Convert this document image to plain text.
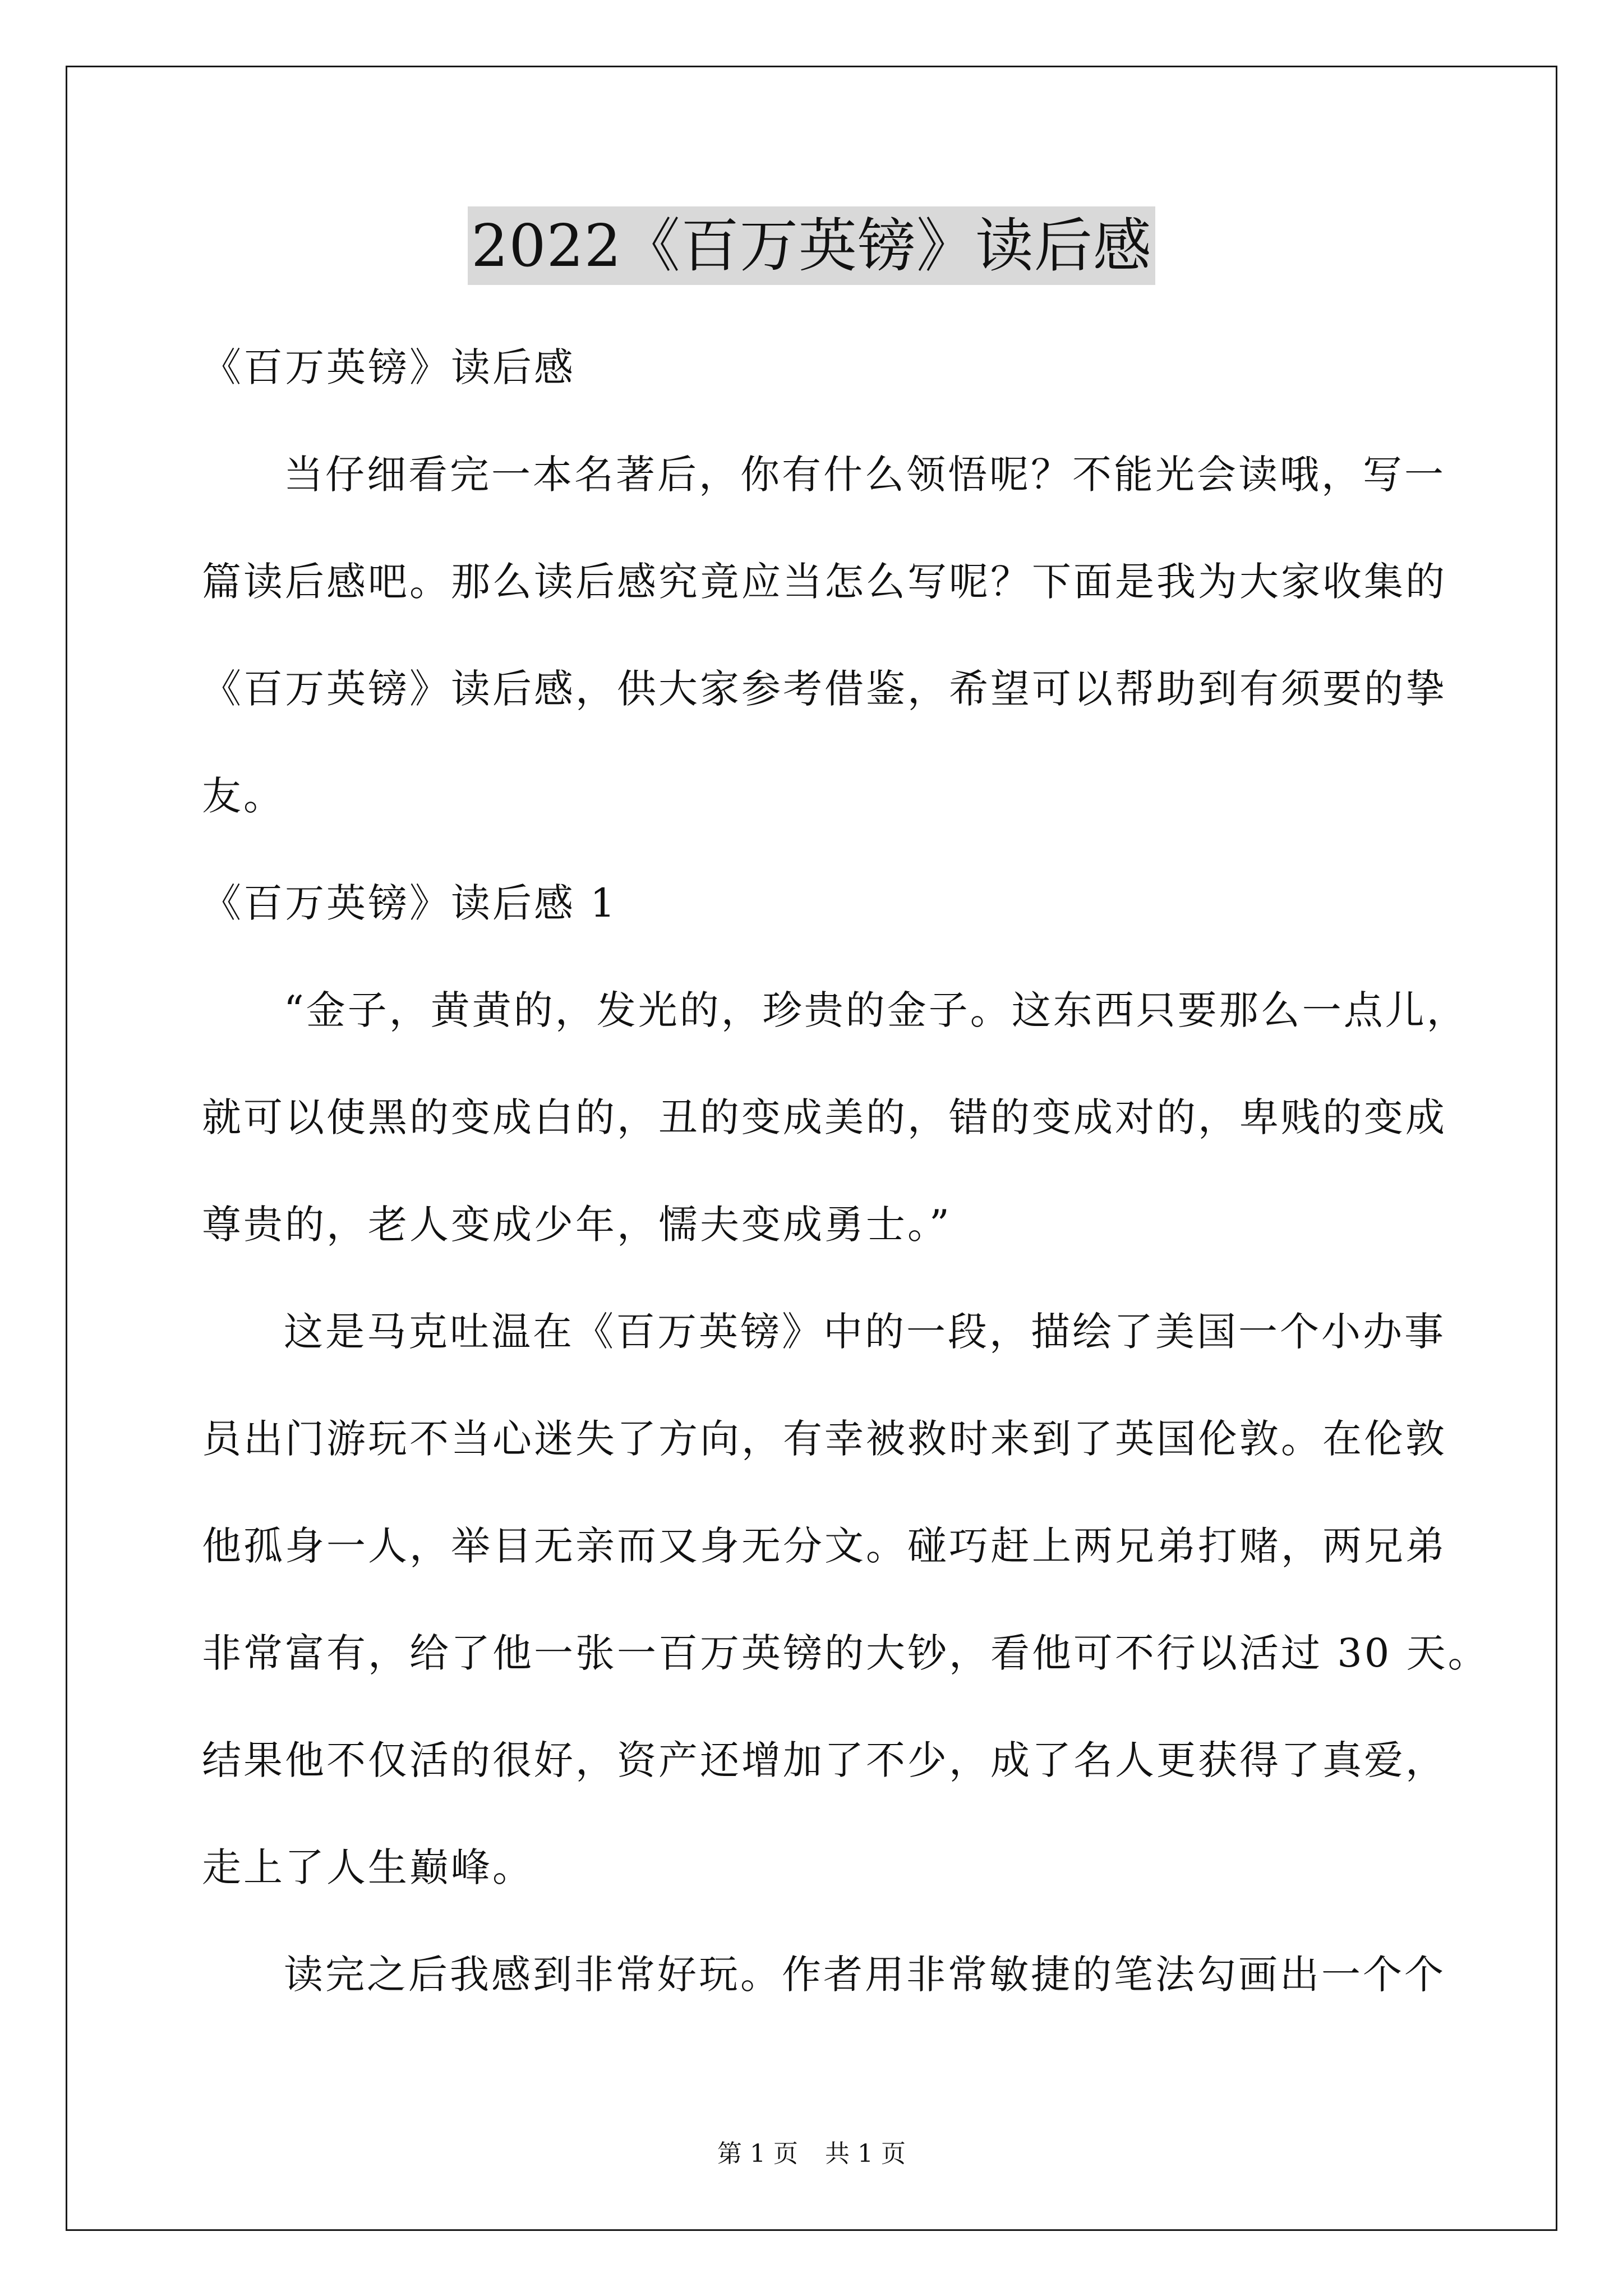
2022《百万英镑》读后感
《百万英镑》读后感
当仔细看完一本名著后，你有什么领悟呢？不能光会读哦，写一
篇读后感吧。那么读后感究竟应当怎么写呢？下面是我为大家收集的
《百万英镑》读后感，供大家参考借鉴，希望可以帮助到有须要的挚
友。
《百万英镑》读后感 1
“金子，黄黄的，发光的，珍贵的金子。这东西只要那么一点儿，
就可以使黑的变成白的，丑的变成美的，错的变成对的，卑贱的变成
尊贵的，老人变成少年，懦夫变成勇士。”
这是马克吐温在《百万英镑》中的一段，描绘了美国一个小办事
员出门游玩不当心迷失了方向，有幸被救时来到了英国伦敦。在伦敦
他孤身一人，举目无亲而又身无分文。碰巧赶上两兄弟打赌，两兄弟
非常富有，给了他一张一百万英镑的大钞，看他可不行以活过 30 天。
结果他不仅活的很好，资产还增加了不少，成了名人更获得了真爱，
走上了人生巅峰。
读完之后我感到非常好玩。作者用非常敏捷的笔法勾画出一个个
第 1 页 共 1 页
